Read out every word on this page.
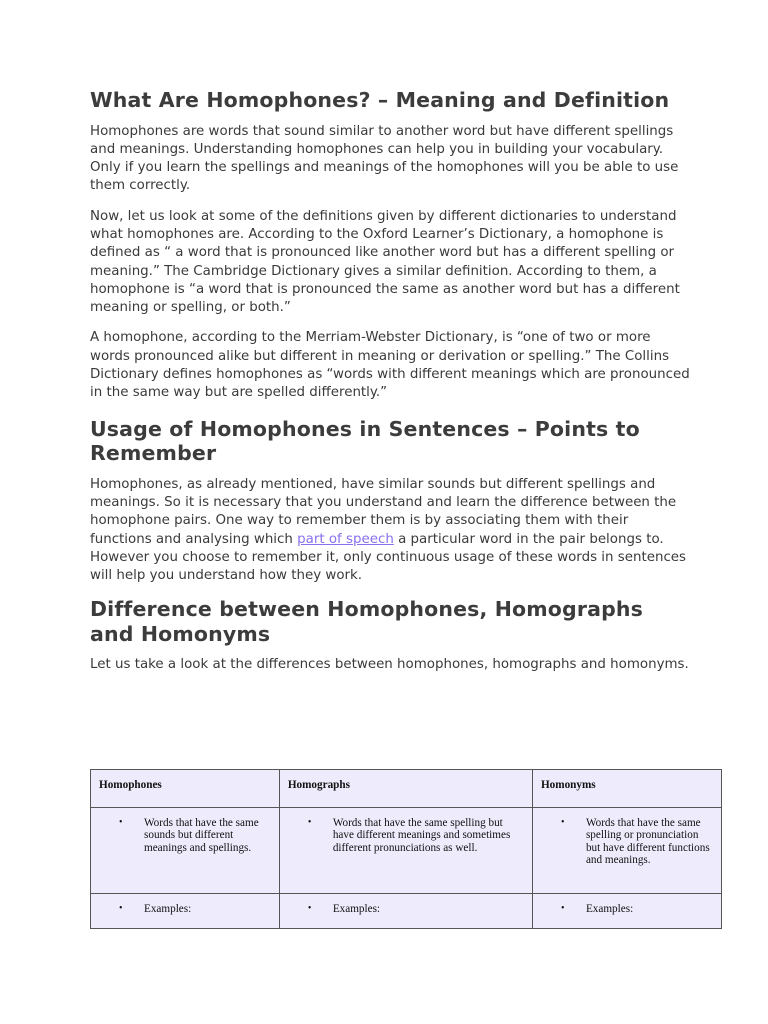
What Are Homophones? – Meaning and Definition

Homophones are words that sound similar to another word but have different spellings and meanings. Understanding homophones can help you in building your vocabulary. Only if you learn the spellings and meanings of the homophones will you be able to use them correctly.

Now, let us look at some of the definitions given by different dictionaries to understand what homophones are. According to the Oxford Learner’s Dictionary, a homophone is defined as “ a word that is pronounced like another word but has a different spelling or meaning.” The Cambridge Dictionary gives a similar definition. According to them, a homophone is “a word that is pronounced the same as another word but has a different meaning or spelling, or both.”

A homophone, according to the Merriam-Webster Dictionary, is “one of two or more words pronounced alike but different in meaning or derivation or spelling.” The Collins Dictionary defines homophones as “words with different meanings which are pronounced in the same way but are spelled differently.”

Usage of Homophones in Sentences – Points to Remember

Homophones, as already mentioned, have similar sounds but different spellings and meanings. So it is necessary that you understand and learn the difference between the homophone pairs. One way to remember them is by associating them with their functions and analysing which part of speech a particular word in the pair belongs to. However you choose to remember it, only continuous usage of these words in sentences will help you understand how they work.

Difference between Homophones, Homographs and Homonyms

Let us take a look at the differences between homophones, homographs and homonyms.

Homophones	Homographs	Homonyms

• Words that have the same sounds but different meanings and spellings.	• Words that have the same spelling but have different meanings and sometimes different pronunciations as well.	• Words that have the same spelling or pronunciation but have different functions and meanings.

• Examples:	• Examples:	• Examples:
